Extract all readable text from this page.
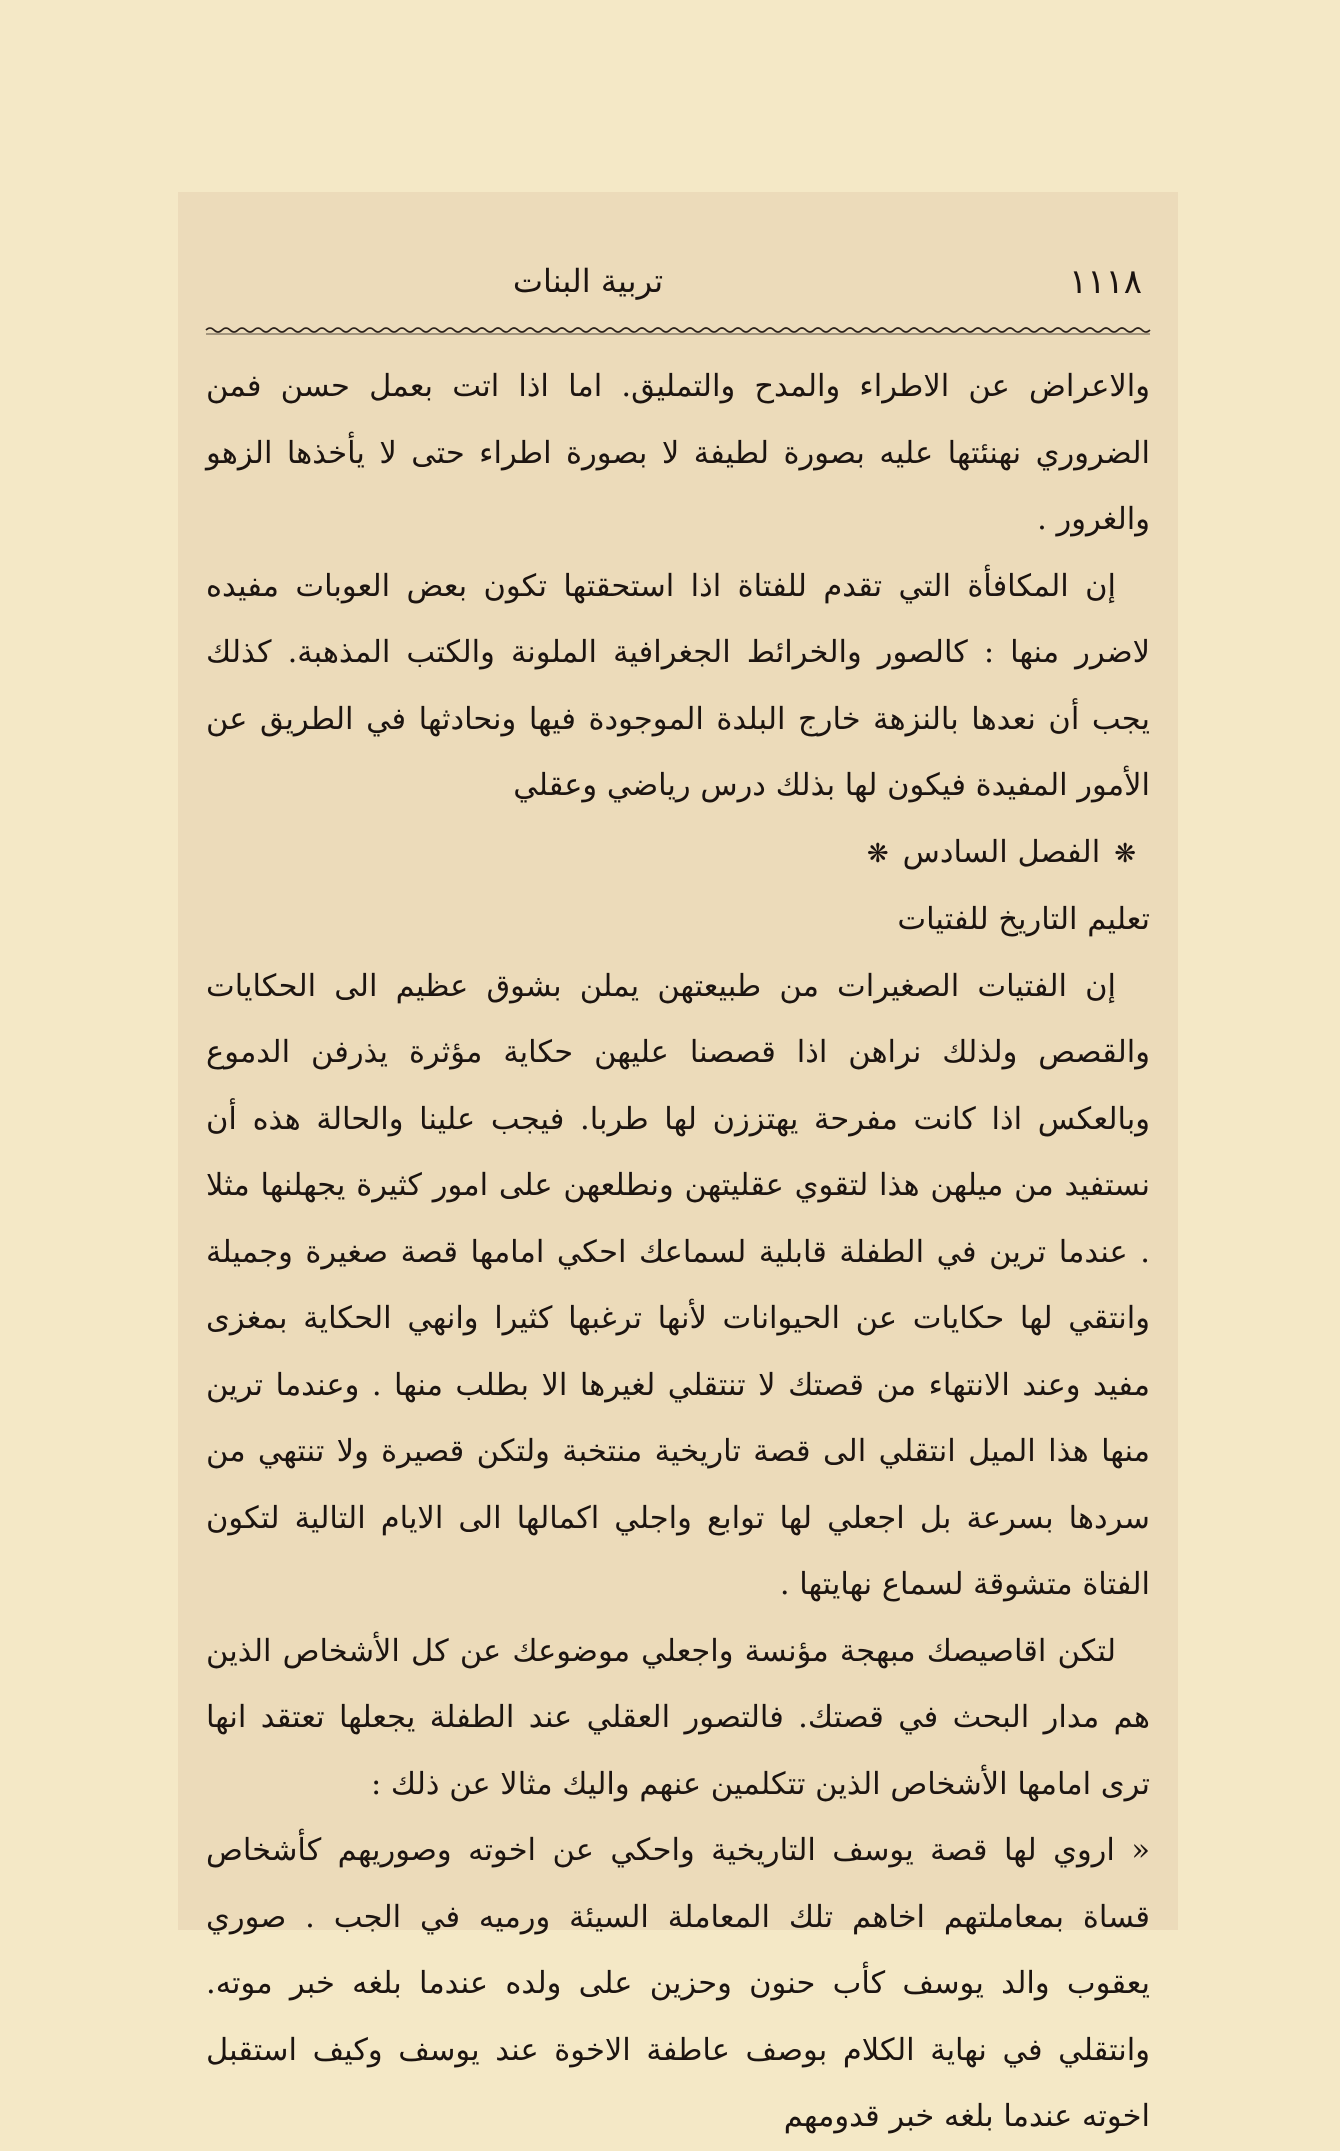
١١١٨
تربية البنات

والاعراض عن الاطراء والمدح والتمليق. اما اذا اتت بعمل حسن فمن الضروري نهنئتها عليه بصورة لطيفة لا بصورة اطراء حتى لا يأخذها الزهو والغرور .

إن المكافأة التي تقدم للفتاة اذا استحقتها تكون بعض العوبات مفيده لاضرر منها : كالصور والخرائط الجغرافية الملونة والكتب المذهبة. كذلك يجب أن نعدها بالنزهة خارج البلدة الموجودة فيها ونحادثها في الطريق عن الأمور المفيدة فيكون لها بذلك درس رياضي وعقلي

❋الفصل السادس❋

تعليم التاريخ للفتيات

إن الفتيات الصغيرات من طبيعتهن يملن بشوق عظيم الى الحكايات والقصص ولذلك نراهن اذا قصصنا عليهن حكاية مؤثرة يذرفن الدموع وبالعكس اذا كانت مفرحة يهتززن لها طربا. فيجب علينا والحالة هذه أن نستفيد من ميلهن هذا لتقوي عقليتهن ونطلعهن على امور كثيرة يجهلنها مثلا . عندما ترين في الطفلة قابلية لسماعك احكي امامها قصة صغيرة وجميلة وانتقي لها حكايات عن الحيوانات لأنها ترغبها كثيرا وانهي الحكاية بمغزى مفيد وعند الانتهاء من قصتك لا تنتقلي لغيرها الا بطلب منها . وعندما ترين منها هذا الميل انتقلي الى قصة تاريخية منتخبة ولتكن قصيرة ولا تنتهي من سردها بسرعة بل اجعلي لها توابع واجلي اكمالها الى الايام التالية لتكون الفتاة متشوقة لسماع نهايتها .

لتكن اقاصيصك مبهجة مؤنسة واجعلي موضوعك عن كل الأشخاص الذين هم مدار البحث في قصتك. فالتصور العقلي عند الطفلة يجعلها تعتقد انها ترى امامها الأشخاص الذين تتكلمين عنهم واليك مثالا عن ذلك :

« اروي لها قصة يوسف التاريخية واحكي عن اخوته وصوريهم كأشخاص قساة بمعاملتهم اخاهم تلك المعاملة السيئة ورميه في الجب . صوري يعقوب والد يوسف كأب حنون وحزين على ولده عندما بلغه خبر موته. وانتقلي في نهاية الكلام بوصف عاطفة الاخوة عند يوسف وكيف استقبل اخوته عندما بلغه خبر قدومهم
